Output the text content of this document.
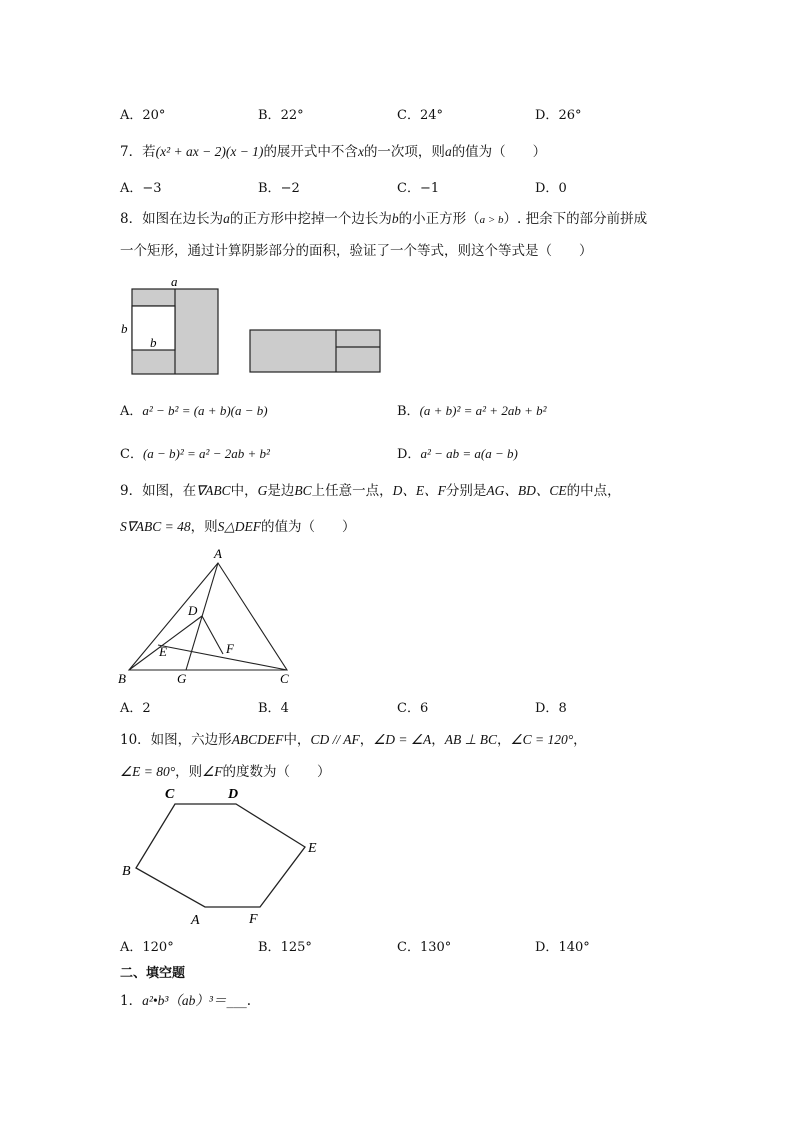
A．20°	B．22°	C．24°	D．26°
7．若(x² + ax − 2)(x − 1)的展开式中不含x的一次项，则a的值为（　　）
A．−3	B．−2	C．−1	D．0
8．如图在边长为a的正方形中挖掉一个边长为b的小正方形（a > b）. 把余下的部分前拼成
一个矩形，通过计算阴影部分的面积，验证了一个等式，则这个等式是（　　）
a
b
b
A．a² − b² = (a + b)(a − b)	B．(a + b)² = a² + 2ab + b²
C．(a − b)² = a² − 2ab + b²	D．a² − ab = a(a − b)
9．如图，在∇ABC中，G是边BC上任意一点，D、E、F分别是AG、BD、CE的中点，
S∇ABC = 48，则S△DEF的值为（　　）
A
B	C
D
E	F
G
A．2	B．4	C．6	D．8
10．如图，六边形ABCDEF中，CD // AF，∠D = ∠A，AB ⊥ BC，∠C = 120°，
∠E = 80°，则∠F的度数为（　　）
C	D
E
F
A
B
A．120°	B．125°	C．130°	D．140°
二、填空题
1．a²•b³（ab）³＝___.
